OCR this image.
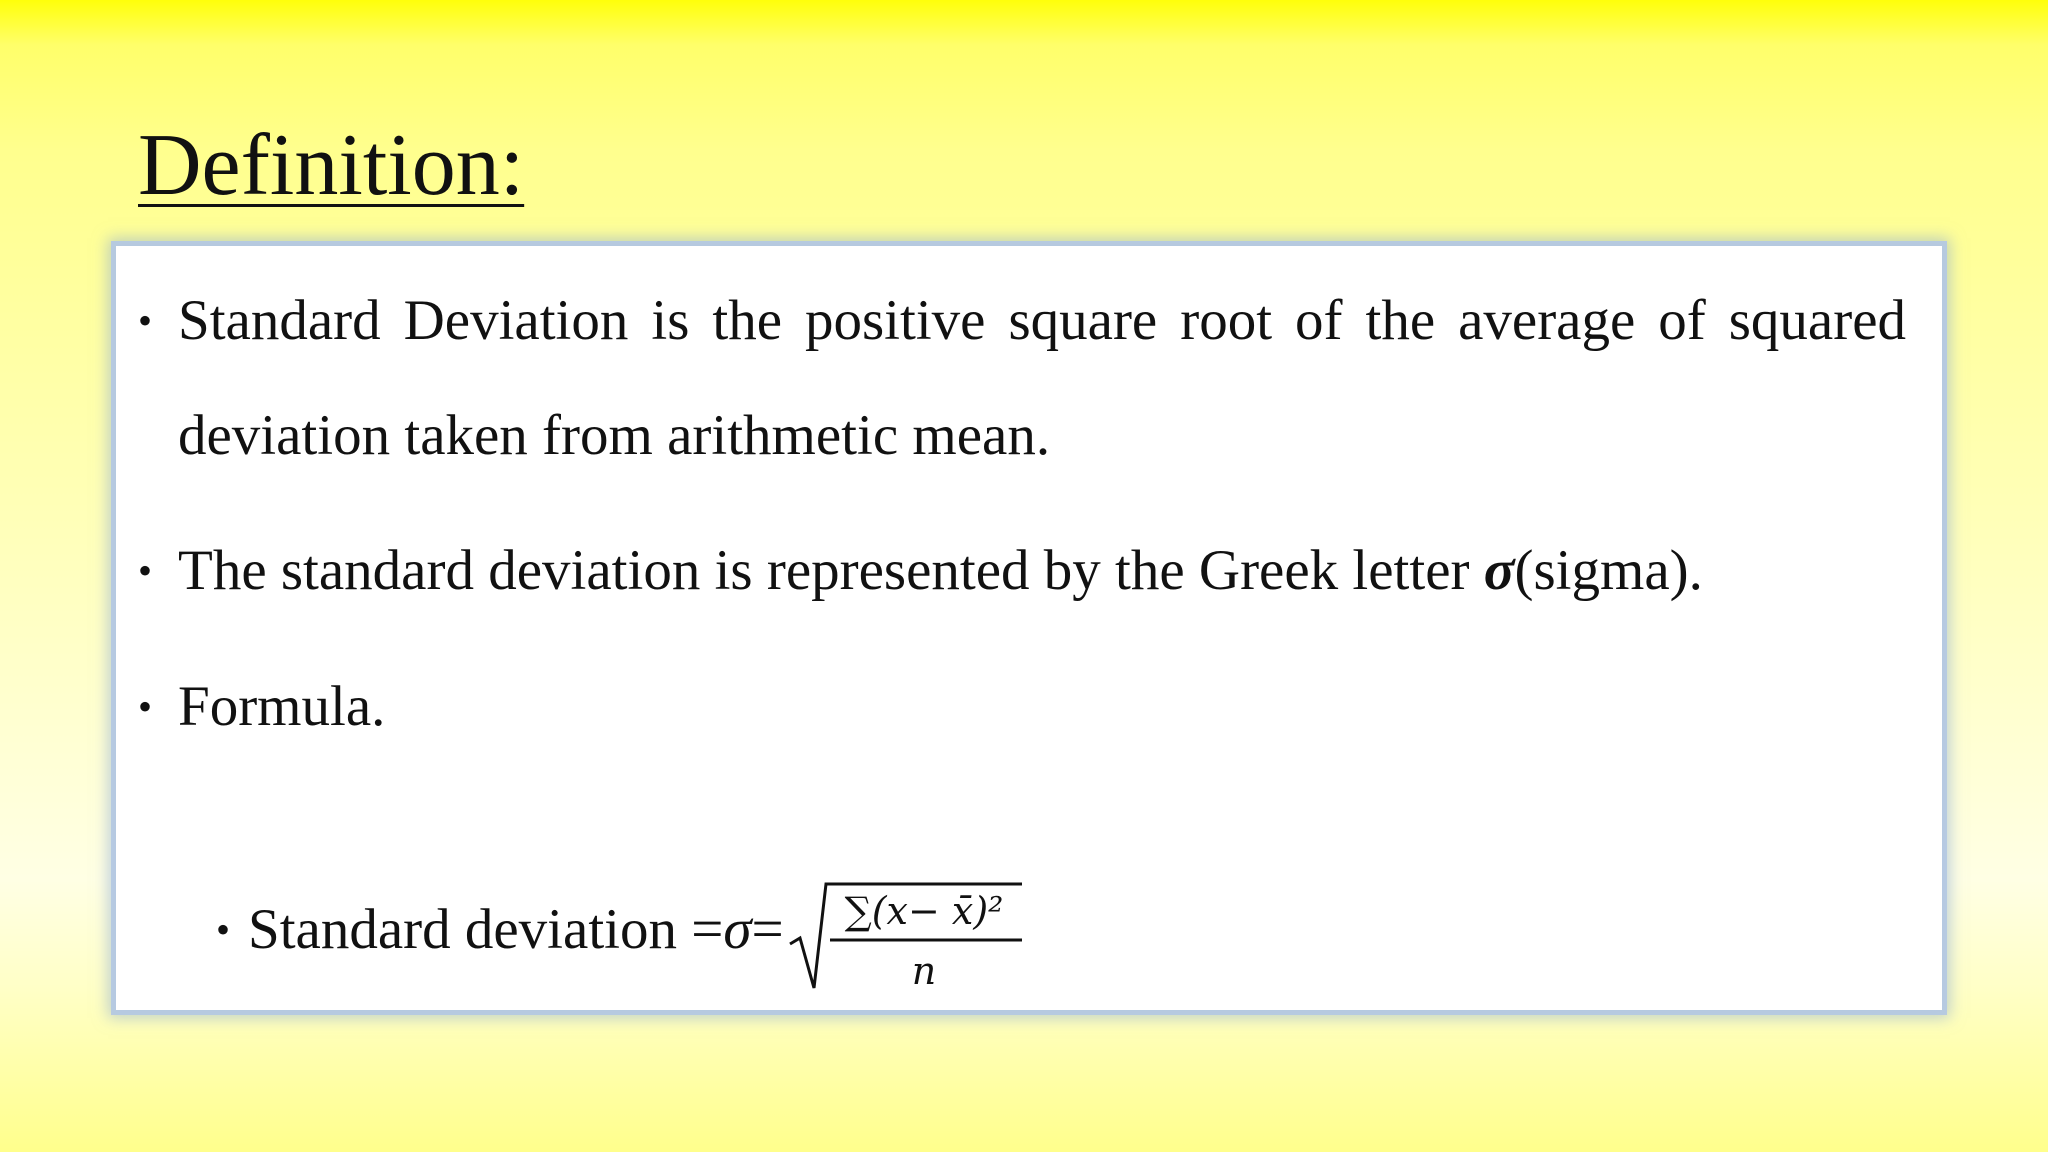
Definition:
• Standard Deviation is the positive square root of the average of squared deviation taken from arithmetic mean.
• The standard deviation is represented by the Greek letter σ(sigma).
• Formula.
• Standard deviation = σ = ∑(x− x̄)²
n
